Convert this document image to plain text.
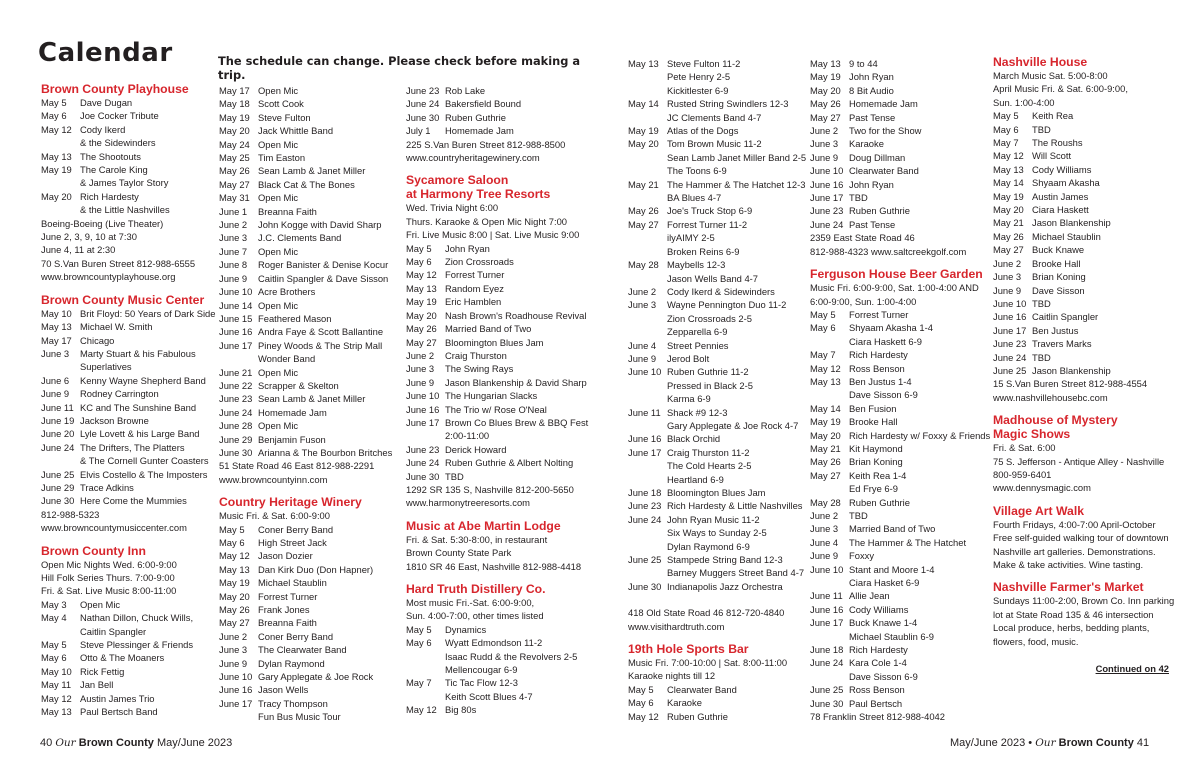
Calendar	The schedule can change. Please check before making a trip.
Brown County Playhouse
May 5	Dave Dugan
May 6	Joe Cocker Tribute
May 12 Cody Ikerd
& the Sidewinders
May 13 The Shootouts
May 19 The Carole King
& James Taylor Story
May 20 Rich Hardesty
& the Little Nashvilles
Boeing-Boeing (Live Theater)
June 2, 3, 9, 10 at 7:30
June 4, 11 at 2:30
70 S.Van Buren Street 812-988-6555
www.browncountyplayhouse.org
Brown County Music Center
May 10 Brit Floyd: 50 Years of Dark Side
May 13 Michael W. Smith
May 17 Chicago
June 3	Marty Stuart & his Fabulous
Superlatives
June 6	Kenny Wayne Shepherd Band
June 9	Rodney Carrington
June 11 KC and The Sunshine Band
June 19 Jackson Browne
June 20 Lyle Lovett & his Large Band
June 24 The Drifters, The Platters
& The Cornell Gunter Coasters
June 25 Elvis Costello & The Imposters
June 29 Trace Adkins
June 30 Here Come the Mummies
812-988-5323
www.browncountymusiccenter.com
Brown County Inn
Open Mic Nights Wed. 6:00-9:00
Hill Folk Series Thurs. 7:00-9:00
Fri. & Sat. Live Music 8:00-11:00
May 3	Open Mic
May 4	Nathan Dillon, Chuck Wills,
Caitlin Spangler
May 5	Steve Plessinger & Friends
May 6	Otto & The Moaners
May 10 Rick Fettig
May 11 Jan Bell
May 12 Austin James Trio
May 13 Paul Bertsch Band
May 17 Open Mic
May 18 Scott Cook
May 19 Steve Fulton
May 20 Jack Whittle Band
May 24 Open Mic
May 25 Tim Easton
May 26 Sean Lamb & Janet Miller
May 27 Black Cat & The Bones
May 31 Open Mic
June 1	Breanna Faith
June 2	John Kogge with David Sharp
June 3	J.C. Clements Band
June 7	Open Mic
June 8	Roger Banister & Denise Kocur
June 9	Caitlin Spangler & Dave Sisson
June 10 Acre Brothers
June 14 Open Mic
June 15 Feathered Mason
June 16 Andra Faye & Scott Ballantine
June 17 Piney Woods & The Strip Mall
Wonder Band
June 21 Open Mic
June 22 Scrapper & Skelton
June 23 Sean Lamb & Janet Miller
June 24 Homemade Jam
June 28 Open Mic
June 29 Benjamin Fuson
June 30 Arianna & The Bourbon Britches
51 State Road 46 East 812-988-2291
www.browncountyinn.com
Country Heritage Winery
Music Fri. & Sat. 6:00-9:00
May 5	Coner Berry Band
May 6	High Street Jack
May 12 Jason Dozier
May 13 Dan Kirk Duo (Don Hapner)
May 19 Michael Staublin
May 20 Forrest Turner
May 26 Frank Jones
May 27 Breanna Faith
June 2	Coner Berry Band
June 3	The Clearwater Band
June 9	Dylan Raymond
June 10 Gary Applegate & Joe Rock
June 16 Jason Wells
June 17 Tracy Thompson
Fun Bus Music Tour
June 23 Rob Lake
June 24 Bakersfield Bound
June 30 Ruben Guthrie
July 1	Homemade Jam
225 S.Van Buren Street 812-988-8500
www.countryheritagewinery.com
Sycamore Saloon
at Harmony Tree Resorts
Wed. Trivia Night 6:00
Thurs. Karaoke & Open Mic Night 7:00
Fri. Live Music 8:00 | Sat. Live Music 9:00
May 5	John Ryan
May 6	Zion Crossroads
May 12 Forrest Turner
May 13 Random Eyez
May 19 Eric Hamblen
May 20 Nash Brown's Roadhouse Revival
May 26 Married Band of Two
May 27 Bloomington Blues Jam
June 2	Craig Thurston
June 3	The Swing Rays
June 9	Jason Blankenship & David Sharp
June 10 The Hungarian Slacks
June 16 The Trio w/ Rose O'Neal
June 17 Brown Co Blues Brew & BBQ Fest
2:00-11:00
June 23 Derick Howard
June 24 Ruben Guthrie & Albert Nolting
June 30 TBD
1292 SR 135 S, Nashville 812-200-5650
www.harmonytreeresorts.com
Music at Abe Martin Lodge
Fri. & Sat. 5:30-8:00, in restaurant
Brown County State Park
1810 SR 46 East, Nashville 812-988-4418
Hard Truth Distillery Co.
Most music Fri.-Sat. 6:00-9:00,
Sun. 4:00-7:00, other times listed
May 5	Dynamics
May 6	Wyatt Edmondson 11-2
Isaac Rudd & the Revolvers 2-5
Mellencougar 6-9
May 7	Tic Tac Flow 12-3
Keith Scott Blues 4-7
May 12 Big 80s
40 Our Brown County May/June 2023
May 13 Steve Fulton 11-2
Pete Henry 2-5
Kickitlester 6-9
May 14 Rusted String Swindlers 12-3
JC Clements Band 4-7
May 19 Atlas of the Dogs
May 20 Tom Brown Music 11-2
Sean Lamb Janet Miller Band 2-5
The Toons 6-9
May 21 The Hammer & The Hatchet 12-3
BA Blues 4-7
May 26 Joe's Truck Stop 6-9
May 27 Forrest Turner 11-2
ilyAIMY 2-5
Broken Reins 6-9
May 28 Maybells 12-3
Jason Wells Band 4-7
June 2	Cody Ikerd & Sidewinders
June 3	Wayne Pennington Duo 11-2
Zion Crossroads 2-5
Zepparella 6-9
June 4	Street Pennies
June 9	Jerod Bolt
June 10 Ruben Guthrie 11-2
Pressed in Black 2-5
Karma 6-9
June 11 Shack #9 12-3
Gary Applegate & Joe Rock 4-7
June 16 Black Orchid
June 17 Craig Thurston 11-2
The Cold Hearts 2-5
Heartland 6-9
June 18 Bloomington Blues Jam
June 23 Rich Hardesty & Little Nashvilles
June 24 John Ryan Music 11-2
Six Ways to Sunday 2-5
Dylan Raymond 6-9
June 25 Stampede String Band 12-3
Barney Muggers Street Band 4-7
June 30 Indianapolis Jazz Orchestra
418 Old State Road 46 812-720-4840
www.visithardtruth.com
19th Hole Sports Bar
Music Fri. 7:00-10:00 | Sat. 8:00-11:00
Karaoke nights till 12
May 5	Clearwater Band
May 6	Karaoke
May 12 Ruben Guthrie
May 13 9 to 44
May 19 John Ryan
May 20 8 Bit Audio
May 26 Homemade Jam
May 27 Past Tense
June 2	Two for the Show
June 3	Karaoke
June 9	Doug Dillman
June 10 Clearwater Band
June 16 John Ryan
June 17 TBD
June 23 Ruben Guthrie
June 24 Past Tense
2359 East State Road 46
812-988-4323 www.saltcreekgolf.com
Ferguson House Beer Garden
Music Fri. 6:00-9:00, Sat. 1:00-4:00 AND
6:00-9:00, Sun. 1:00-4:00
May 5	Forrest Turner
May 6	Shyaam Akasha 1-4
Ciara Haskett 6-9
May 7	Rich Hardesty
May 12 Ross Benson
May 13 Ben Justus 1-4
Dave Sisson 6-9
May 14 Ben Fusion
May 19 Brooke Hall
May 20 Rich Hardesty w/ Foxxy & Friends
May 21 Kit Haymond
May 26 Brian Koning
May 27 Keith Rea 1-4
Ed Frye 6-9
May 28 Ruben Guthrie
June 2	TBD
June 3	Married Band of Two
June 4	The Hammer & The Hatchet
June 9	Foxxy
June 10 Stant and Moore 1-4
Ciara Hasket 6-9
June 11 Allie Jean
June 16 Cody Williams
June 17 Buck Knawe 1-4
Michael Staublin 6-9
June 18 Rich Hardesty
June 24 Kara Cole 1-4
Dave Sisson 6-9
June 25 Ross Benson
June 30 Paul Bertsch
78 Franklin Street 812-988-4042
Nashville House
March Music Sat. 5:00-8:00
April Music Fri. & Sat. 6:00-9:00,
Sun. 1:00-4:00
May 5	Keith Rea
May 6	TBD
May 7	The Roushs
May 12 Will Scott
May 13 Cody Williams
May 14 Shyaam Akasha
May 19 Austin James
May 20 Ciara Haskett
May 21 Jason Blankenship
May 26 Michael Staublin
May 27 Buck Knawe
June 2	Brooke Hall
June 3	Brian Koning
June 9	Dave Sisson
June 10 TBD
June 16 Caitlin Spangler
June 17 Ben Justus
June 23 Travers Marks
June 24 TBD
June 25 Jason Blankenship
15 S.Van Buren Street 812-988-4554
www.nashvillehousebc.com
Madhouse of Mystery
Magic Shows
Fri. & Sat. 6:00
75 S. Jefferson - Antique Alley - Nashville
800-959-6401
www.dennysmagic.com
Village Art Walk
Fourth Fridays, 4:00-7:00 April-October
Free self-guided walking tour of downtown
Nashville art galleries. Demonstrations.
Make & take activities. Wine tasting.
Nashville Farmer's Market
Sundays 11:00-2:00, Brown Co. Inn parking
lot at State Road 135 & 46 intersection
Local produce, herbs, bedding plants,
flowers, food, music.
Continued on 42
May/June 2023 • Our Brown County 41
